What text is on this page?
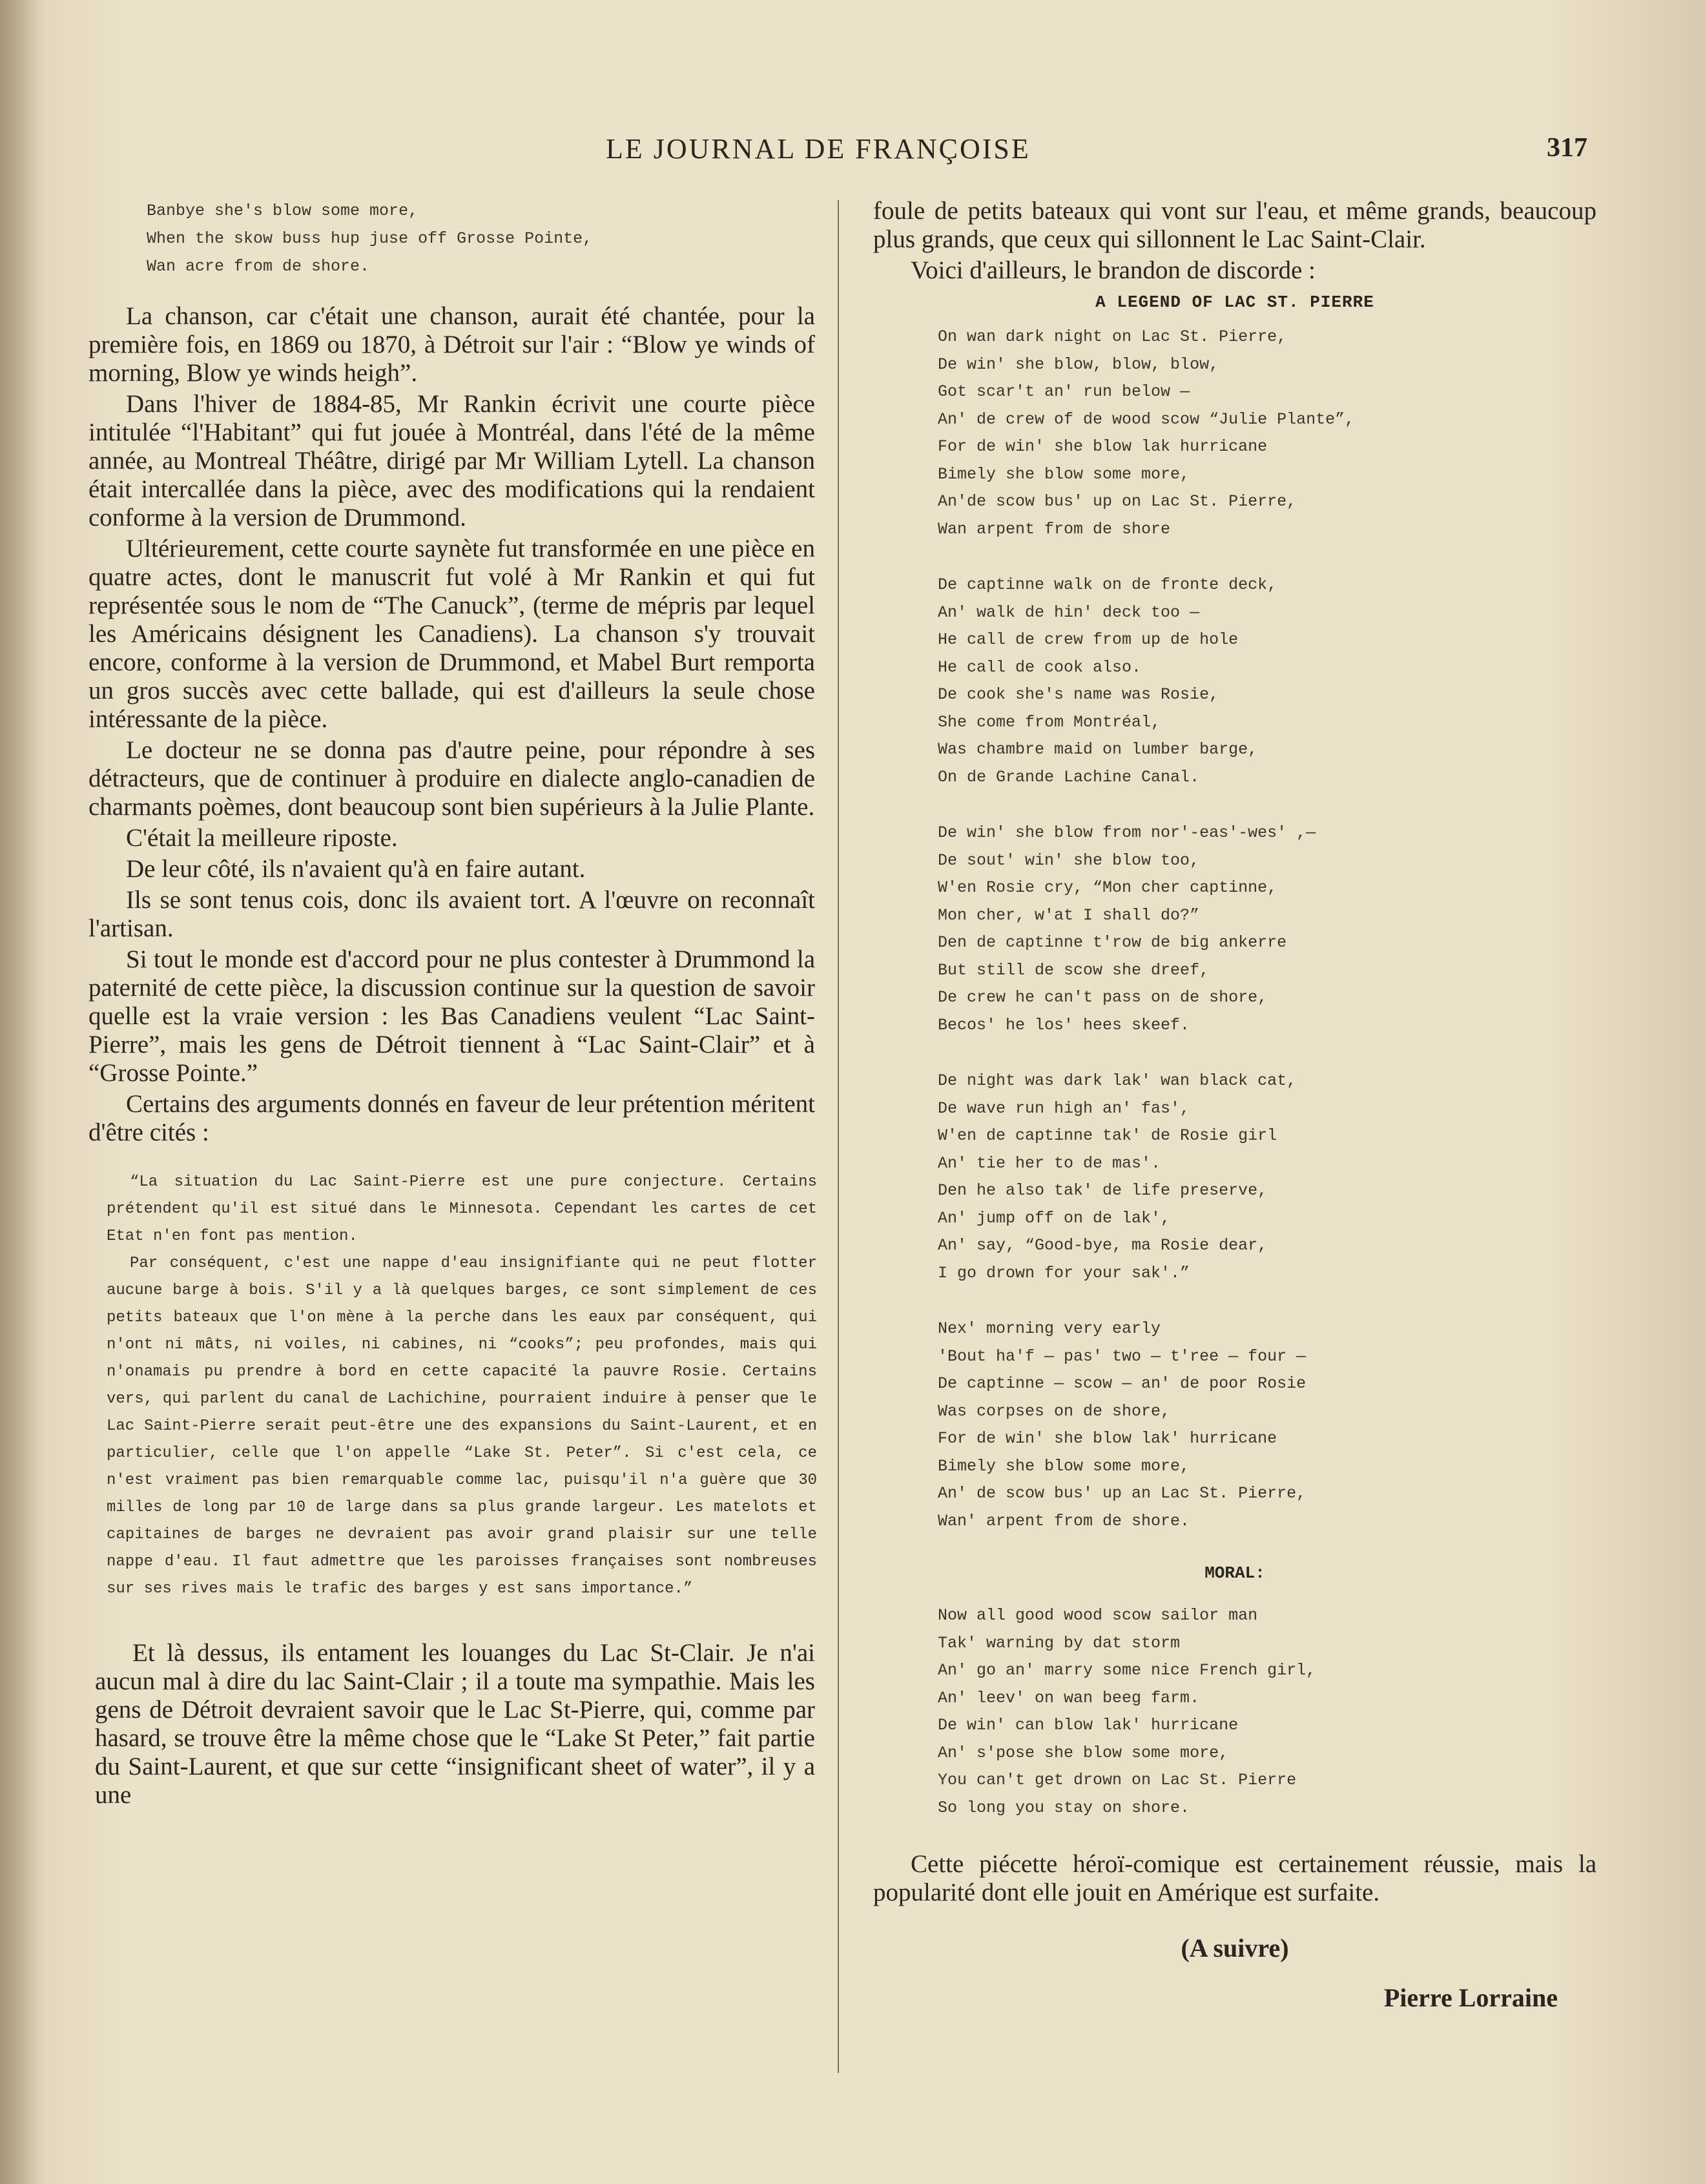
LE JOURNAL DE FRANÇOISE	317
Banbye she's blow some more,
When the skow buss hup juse off Grosse Pointe,
Wan acre from de shore.

La chanson, car c'était une chanson, aurait été chantée, pour la première fois, en 1869 ou 1870, à Détroit sur l'air : “Blow ye winds of morning, Blow ye winds heigh”.

Dans l'hiver de 1884-85, Mr Rankin écrivit une courte pièce intitulée “l'Habitant” qui fut jouée à Montréal, dans l'été de la même année, au Montreal Théâtre, dirigé par Mr William Lytell. La chanson était intercallée dans la pièce, avec des modifications qui la rendaient conforme à la version de Drummond.

Ultérieurement, cette courte saynète fut transformée en une pièce en quatre actes, dont le manuscrit fut volé à Mr Rankin et qui fut représentée sous le nom de “The Canuck”, (terme de mépris par lequel les Américains désignent les Canadiens). La chanson s'y trouvait encore, conforme à la version de Drummond, et Mabel Burt remporta un gros succès avec cette ballade, qui est d'ailleurs la seule chose intéressante de la pièce.

Le docteur ne se donna pas d'autre peine, pour répondre à ses détracteurs, que de continuer à produire en dialecte anglo-canadien de charmants poèmes, dont beaucoup sont bien supérieurs à la Julie Plante.

C'était la meilleure riposte.

De leur côté, ils n'avaient qu'à en faire autant.

Ils se sont tenus cois, donc ils avaient tort. A l'œuvre on reconnaît l'artisan.

Si tout le monde est d'accord pour ne plus contester à Drummond la paternité de cette pièce, la discussion continue sur la question de savoir quelle est la vraie version : les Bas Canadiens veulent “Lac Saint-Pierre”, mais les gens de Détroit tiennent à “Lac Saint-Clair” et à “Grosse Pointe.”

Certains des arguments donnés en faveur de leur prétention méritent d'être cités :

“La situation du Lac Saint-Pierre est une pure conjecture. Certains prétendent qu'il est situé dans le Minnesota. Cependant les cartes de cet Etat n'en font pas mention.

Par conséquent, c'est une nappe d'eau insignifiante qui ne peut flotter aucune barge à bois. S'il y a là quelques barges, ce sont simplement de ces petits bateaux que l'on mène à la perche dans les eaux par conséquent, qui n'ont ni mâts, ni voiles, ni cabines, ni “cooks”; peu profondes, mais qui n'onamais pu prendre à bord en cette capacité la pauvre Rosie. Certains vers, qui parlent du canal de Lachichine, pourraient induire à penser que le Lac Saint-Pierre serait peut-être une des expansions du Saint-Laurent, et en particulier, celle que l'on appelle “Lake St. Peter”. Si c'est cela, ce n'est vraiment pas bien remarquable comme lac, puisqu'il n'a guère que 30 milles de long par 10 de large dans sa plus grande largeur. Les matelots et capitaines de barges ne devraient pas avoir grand plaisir sur une telle nappe d'eau. Il faut admettre que les paroisses françaises sont nombreuses sur ses rives mais le trafic des barges y est sans importance.”

Et là dessus, ils entament les louanges du Lac St-Clair. Je n'ai aucun mal à dire du lac Saint-Clair ; il a toute ma sympathie. Mais les gens de Détroit devraient savoir que le Lac St-Pierre, qui, comme par hasard, se trouve être la même chose que le “Lake St Peter,” fait partie du Saint-Laurent, et que sur cette “insignificant sheet of water”, il y a une

foule de petits bateaux qui vont sur l'eau, et même grands, beaucoup plus grands, que ceux qui sillonnent le Lac Saint-Clair.

Voici d'ailleurs, le brandon de discorde :

A LEGEND OF LAC ST. PIERRE
On wan dark night on Lac St. Pierre,
De win' she blow, blow, blow,
Got scar't an' run below —
An' de crew of de wood scow “Julie Plante”,
For de win' she blow lak hurricane
Bimely she blow some more,
An'de scow bus' up on Lac St. Pierre,
Wan arpent from de shore
De captinne walk on de fronte deck,
An' walk de hin' deck too —
He call de crew from up de hole
He call de cook also.
De cook she's name was Rosie,
She come from Montréal,
Was chambre maid on lumber barge,
On de Grande Lachine Canal.
De win' she blow from nor'-eas'-wes' ,—
De sout' win' she blow too,
W'en Rosie cry, “Mon cher captinne,
Mon cher, w'at I shall do?”
Den de captinne t'row de big ankerre
But still de scow she dreef,
De crew he can't pass on de shore,
Becos' he los' hees skeef.
De night was dark lak' wan black cat,
De wave run high an' fas',
W'en de captinne tak' de Rosie girl
An' tie her to de mas'.
Den he also tak' de life preserve,
An' jump off on de lak',
An' say, “Good-bye, ma Rosie dear,
I go drown for your sak'.”
Nex' morning very early
'Bout ha'f — pas' two — t'ree — four —
De captinne — scow — an' de poor Rosie
Was corpses on de shore,
For de win' she blow lak' hurricane
Bimely she blow some more,
An' de scow bus' up an Lac St. Pierre,
Wan' arpent from de shore.
MORAL:
Now all good wood scow sailor man
Tak' warning by dat storm
An' go an' marry some nice French girl,
An' leev' on wan beeg farm.
De win' can blow lak' hurricane
An' s'pose she blow some more,
You can't get drown on Lac St. Pierre
So long you stay on shore.

Cette piécette héroï-comique est certainement réussie, mais la popularité dont elle jouit en Amérique est surfaite.

(A suivre)
Pierre Lorraine
